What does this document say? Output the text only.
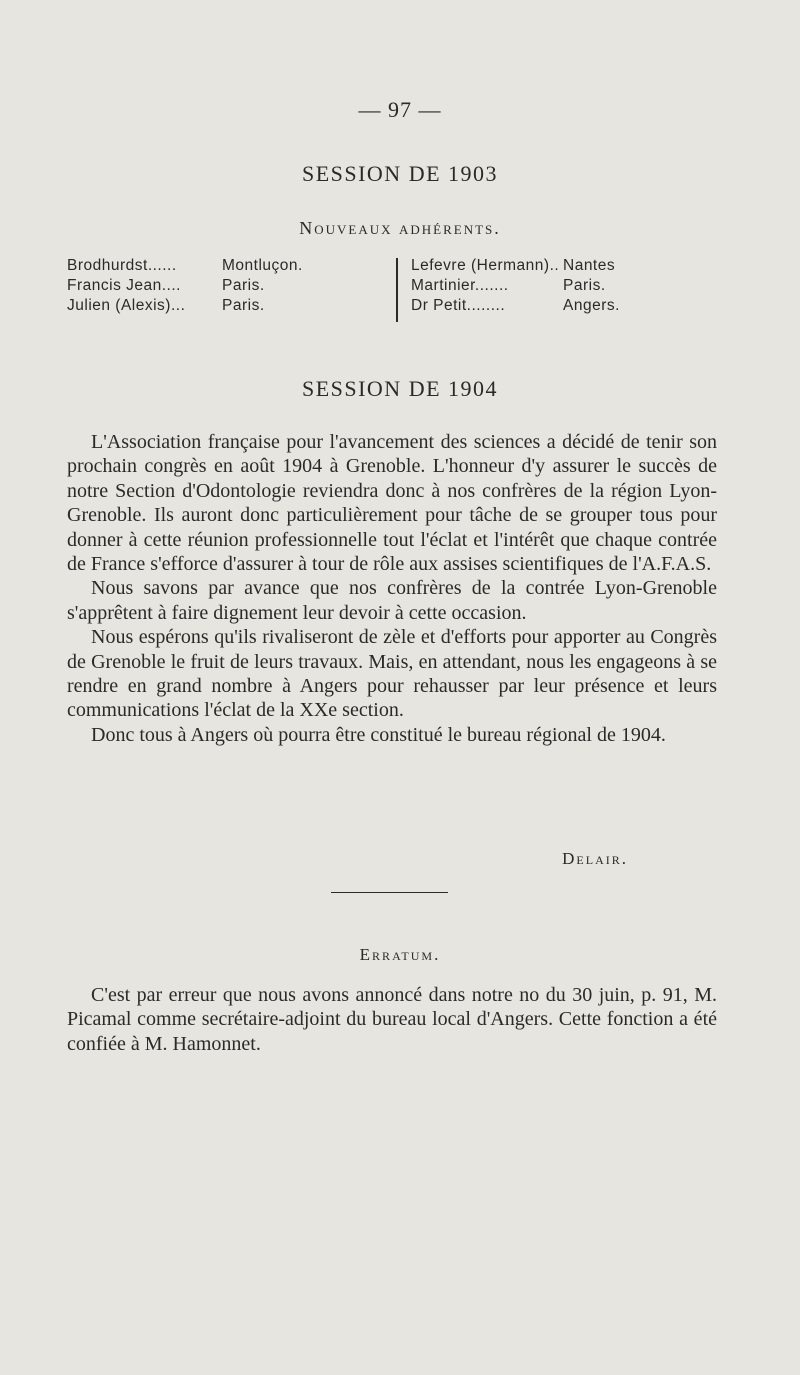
— 97 —
SESSION DE 1903
Nouveaux adhérents.
Brodhurdst......	Montluçon.
Francis Jean....	Paris.
Julien (Alexis)... Paris.
Lefevre (Hermann).. Nantes
Martinier.......	Paris.
Dr Petit........	Angers.
SESSION DE 1904

L'Association française pour l'avancement des sciences a décidé de tenir son prochain congrès en août 1904 à Grenoble. L'honneur d'y assurer le succès de notre Section d'Odontologie reviendra donc à nos confrères de la région Lyon-Grenoble. Ils auront donc particulièrement pour tâche de se grouper tous pour donner à cette réunion professionnelle tout l'éclat et l'intérêt que chaque contrée de France s'efforce d'assurer à tour de rôle aux assises scientifiques de l'A.F.A.S.

Nous savons par avance que nos confrères de la contrée Lyon-Grenoble s'apprêtent à faire dignement leur devoir à cette occasion.

Nous espérons qu'ils rivaliseront de zèle et d'efforts pour apporter au Congrès de Grenoble le fruit de leurs travaux. Mais, en attendant, nous les engageons à se rendre en grand nombre à Angers pour rehausser par leur présence et leurs communications l'éclat de la XXe section.

Donc tous à Angers où pourra être constitué le bureau régional de 1904.

Delair.
Erratum.

C'est par erreur que nous avons annoncé dans notre no du 30 juin, p. 91, M. Picamal comme secrétaire-adjoint du bureau local d'Angers. Cette fonction a été confiée à M. Hamonnet.
